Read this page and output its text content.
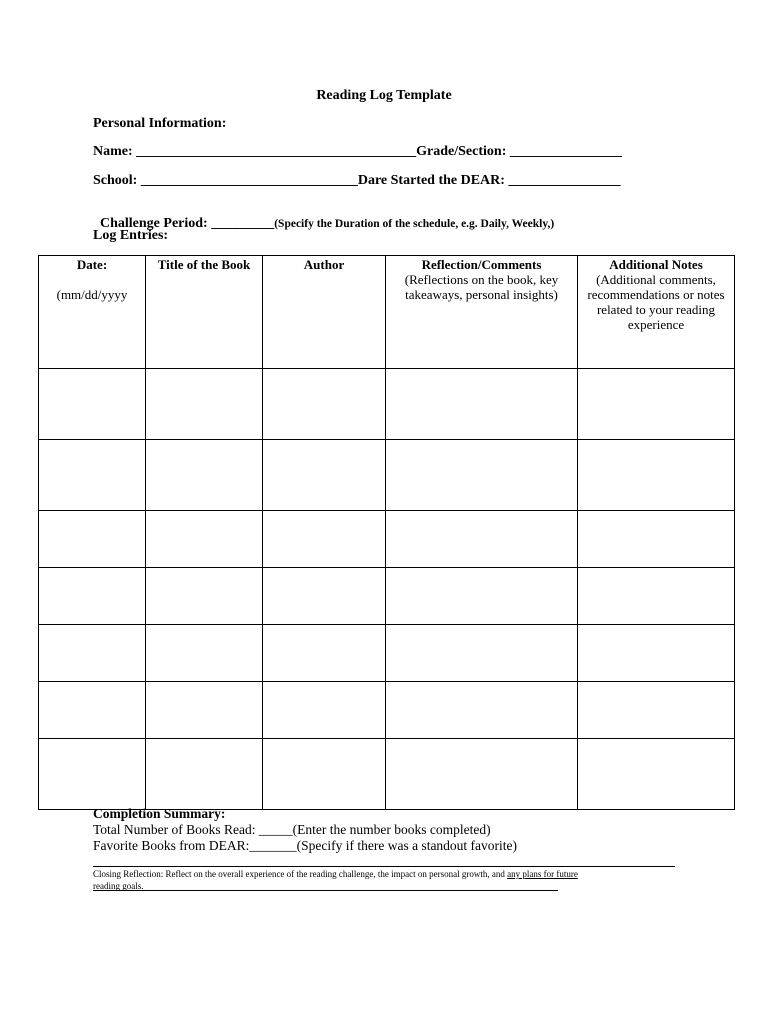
Reading Log Template
Personal Information:
Name: ________________________________________Grade/Section: ________________
School: _______________________________Dare Started the DEAR: ________________

Challenge Period: _________(Specify the Duration of the schedule, e.g. Daily, Weekly,)

Log Entries:
Date:
(mm/dd/yyyy	Title of the Book	Author	Reflection/Comments
(Reflections on the book, key takeaways, personal insights)	Additional Notes
(Additional comments, recommendations or notes related to your reading experience

Completion Summary:
Total Number of Books Read: _____(Enter the number books completed)
Favorite Books from DEAR:_______(Specify if there was a standout favorite)
Closing Reflection: Reflect on the overall experience of the reading challenge, the impact on personal growth, and any plans for future
reading goals.
